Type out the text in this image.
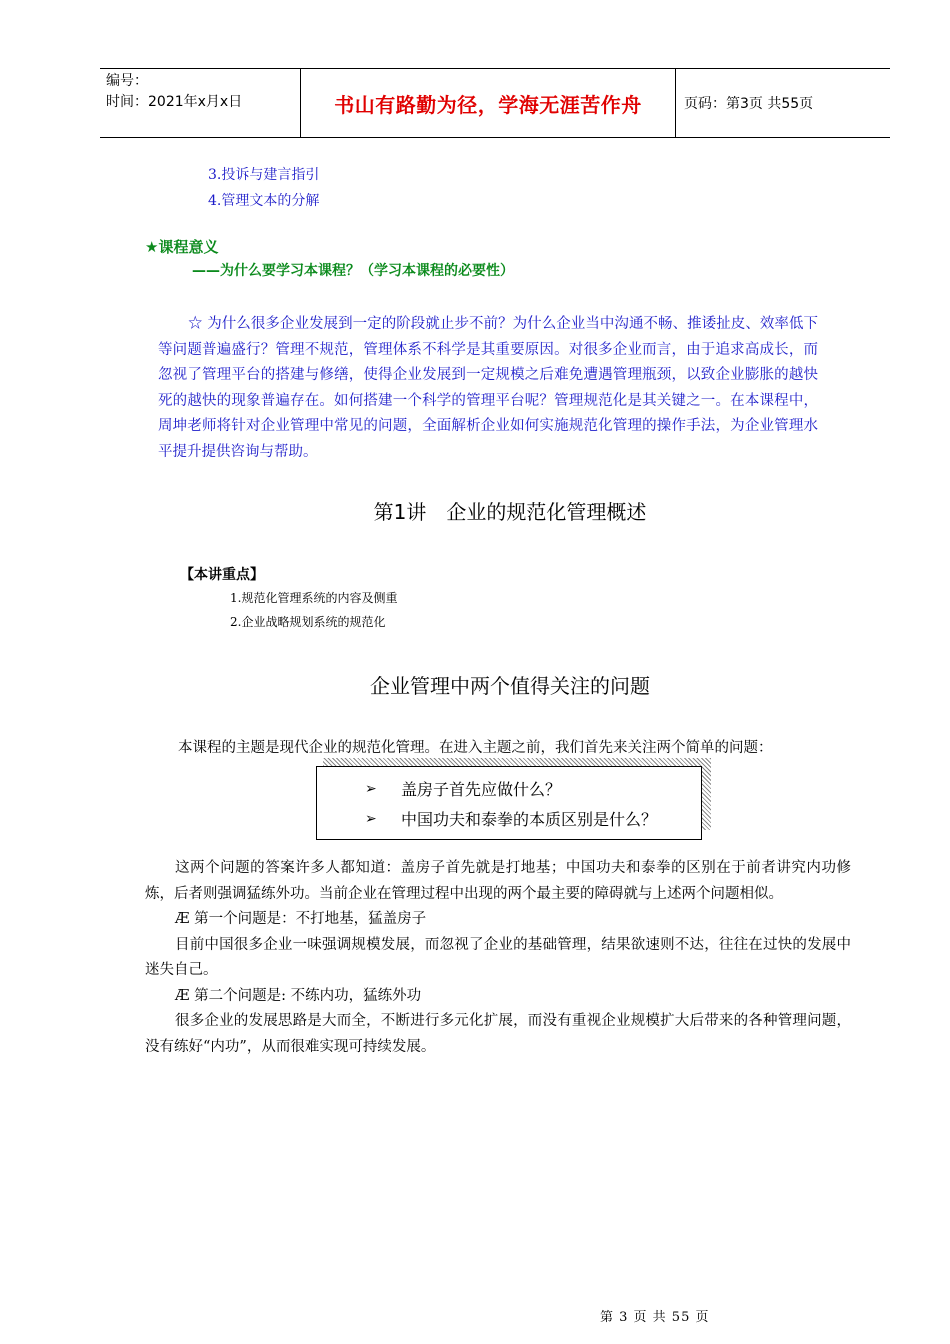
编号：
时间：2021年x月x日	书山有路勤为径，学海无涯苦作舟	页码：第3页 共55页
3.投诉与建言指引
4.管理文本的分解
★课程意义
——为什么要学习本课程？（学习本课程的必要性）
☆ 为什么很多企业发展到一定的阶段就止步不前？为什么企业当中沟通不畅、推诿扯皮、效率低下等问题普遍盛行？管理不规范，管理体系不科学是其重要原因。对很多企业而言，由于追求高成长，而忽视了管理平台的搭建与修缮，使得企业发展到一定规模之后难免遭遇管理瓶颈，以致企业膨胀的越快死的越快的现象普遍存在。如何搭建一个科学的管理平台呢？管理规范化是其关键之一。在本课程中，周坤老师将针对企业管理中常见的问题，全面解析企业如何实施规范化管理的操作手法，为企业管理水平提升提供咨询与帮助。
第1讲　企业的规范化管理概述
【本讲重点】
1.规范化管理系统的内容及侧重
2.企业战略规划系统的规范化
企业管理中两个值得关注的问题
本课程的主题是现代企业的规范化管理。在进入主题之前，我们首先来关注两个简单的问题：
➢	盖房子首先应做什么？
➢	中国功夫和泰拳的本质区别是什么？
这两个问题的答案许多人都知道：盖房子首先就是打地基；中国功夫和泰拳的区别在于前者讲究内功修炼，后者则强调猛练外功。当前企业在管理过程中出现的两个最主要的障碍就与上述两个问题相似。
Æ 第一个问题是：不打地基，猛盖房子
目前中国很多企业一味强调规模发展，而忽视了企业的基础管理，结果欲速则不达，往往在过快的发展中迷失自己。
Æ 第二个问题是: 不练内功，猛练外功
很多企业的发展思路是大而全，不断进行多元化扩展，而没有重视企业规模扩大后带来的各种管理问题，没有练好“内功”，从而很难实现可持续发展。
第 3 页 共 55 页
